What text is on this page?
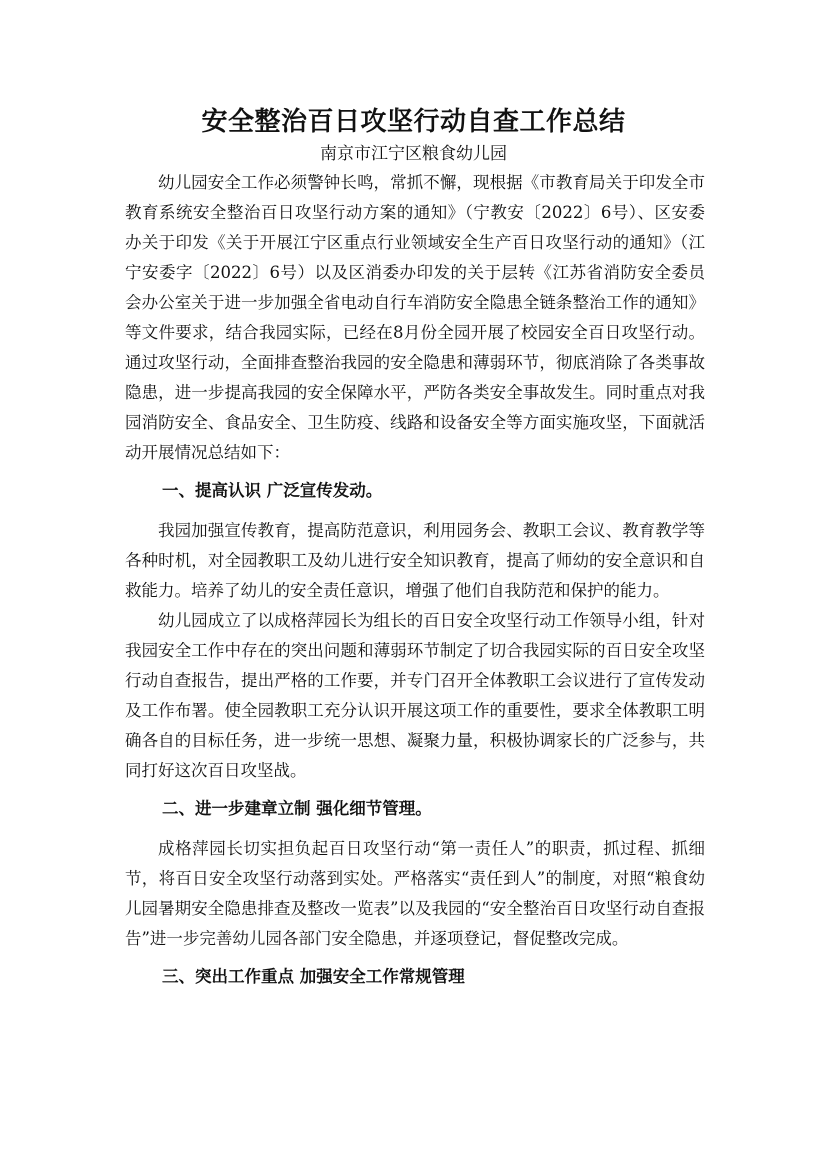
安全整治百日攻坚行动自查工作总结
南京市江宁区粮食幼儿园

幼儿园安全工作必须警钟长鸣，常抓不懈，现根据《市教育局关于印发全市教育系统安全整治百日攻坚行动方案的通知》（宁教安〔2022〕6号）、区安委办关于印发《关于开展江宁区重点行业领域安全生产百日攻坚行动的通知》（江宁安委字〔2022〕6号）以及区消委办印发的关于层转《江苏省消防安全委员会办公室关于进一步加强全省电动自行车消防安全隐患全链条整治工作的通知》等文件要求，结合我园实际，已经在8月份全园开展了校园安全百日攻坚行动。通过攻坚行动，全面排查整治我园的安全隐患和薄弱环节，彻底消除了各类事故隐患，进一步提高我园的安全保障水平，严防各类安全事故发生。同时重点对我园消防安全、食品安全、卫生防疫、线路和设备安全等方面实施攻坚，下面就活动开展情况总结如下：

一、提高认识 广泛宣传发动。

我园加强宣传教育，提高防范意识，利用园务会、教职工会议、教育教学等各种时机，对全园教职工及幼儿进行安全知识教育，提高了师幼的安全意识和自救能力。培养了幼儿的安全责任意识，增强了他们自我防范和保护的能力。

幼儿园成立了以成格萍园长为组长的百日安全攻坚行动工作领导小组，针对我园安全工作中存在的突出问题和薄弱环节制定了切合我园实际的百日安全攻坚行动自查报告，提出严格的工作要，并专门召开全体教职工会议进行了宣传发动及工作布署。使全园教职工充分认识开展这项工作的重要性，要求全体教职工明确各自的目标任务，进一步统一思想、凝聚力量，积极协调家长的广泛参与，共同打好这次百日攻坚战。

二、进一步建章立制 强化细节管理。

成格萍园长切实担负起百日攻坚行动“第一责任人”的职责，抓过程、抓细节，将百日安全攻坚行动落到实处。严格落实“责任到人”的制度，对照“粮食幼儿园暑期安全隐患排查及整改一览表”以及我园的“安全整治百日攻坚行动自查报告”进一步完善幼儿园各部门安全隐患，并逐项登记，督促整改完成。

三、突出工作重点 加强安全工作常规管理
